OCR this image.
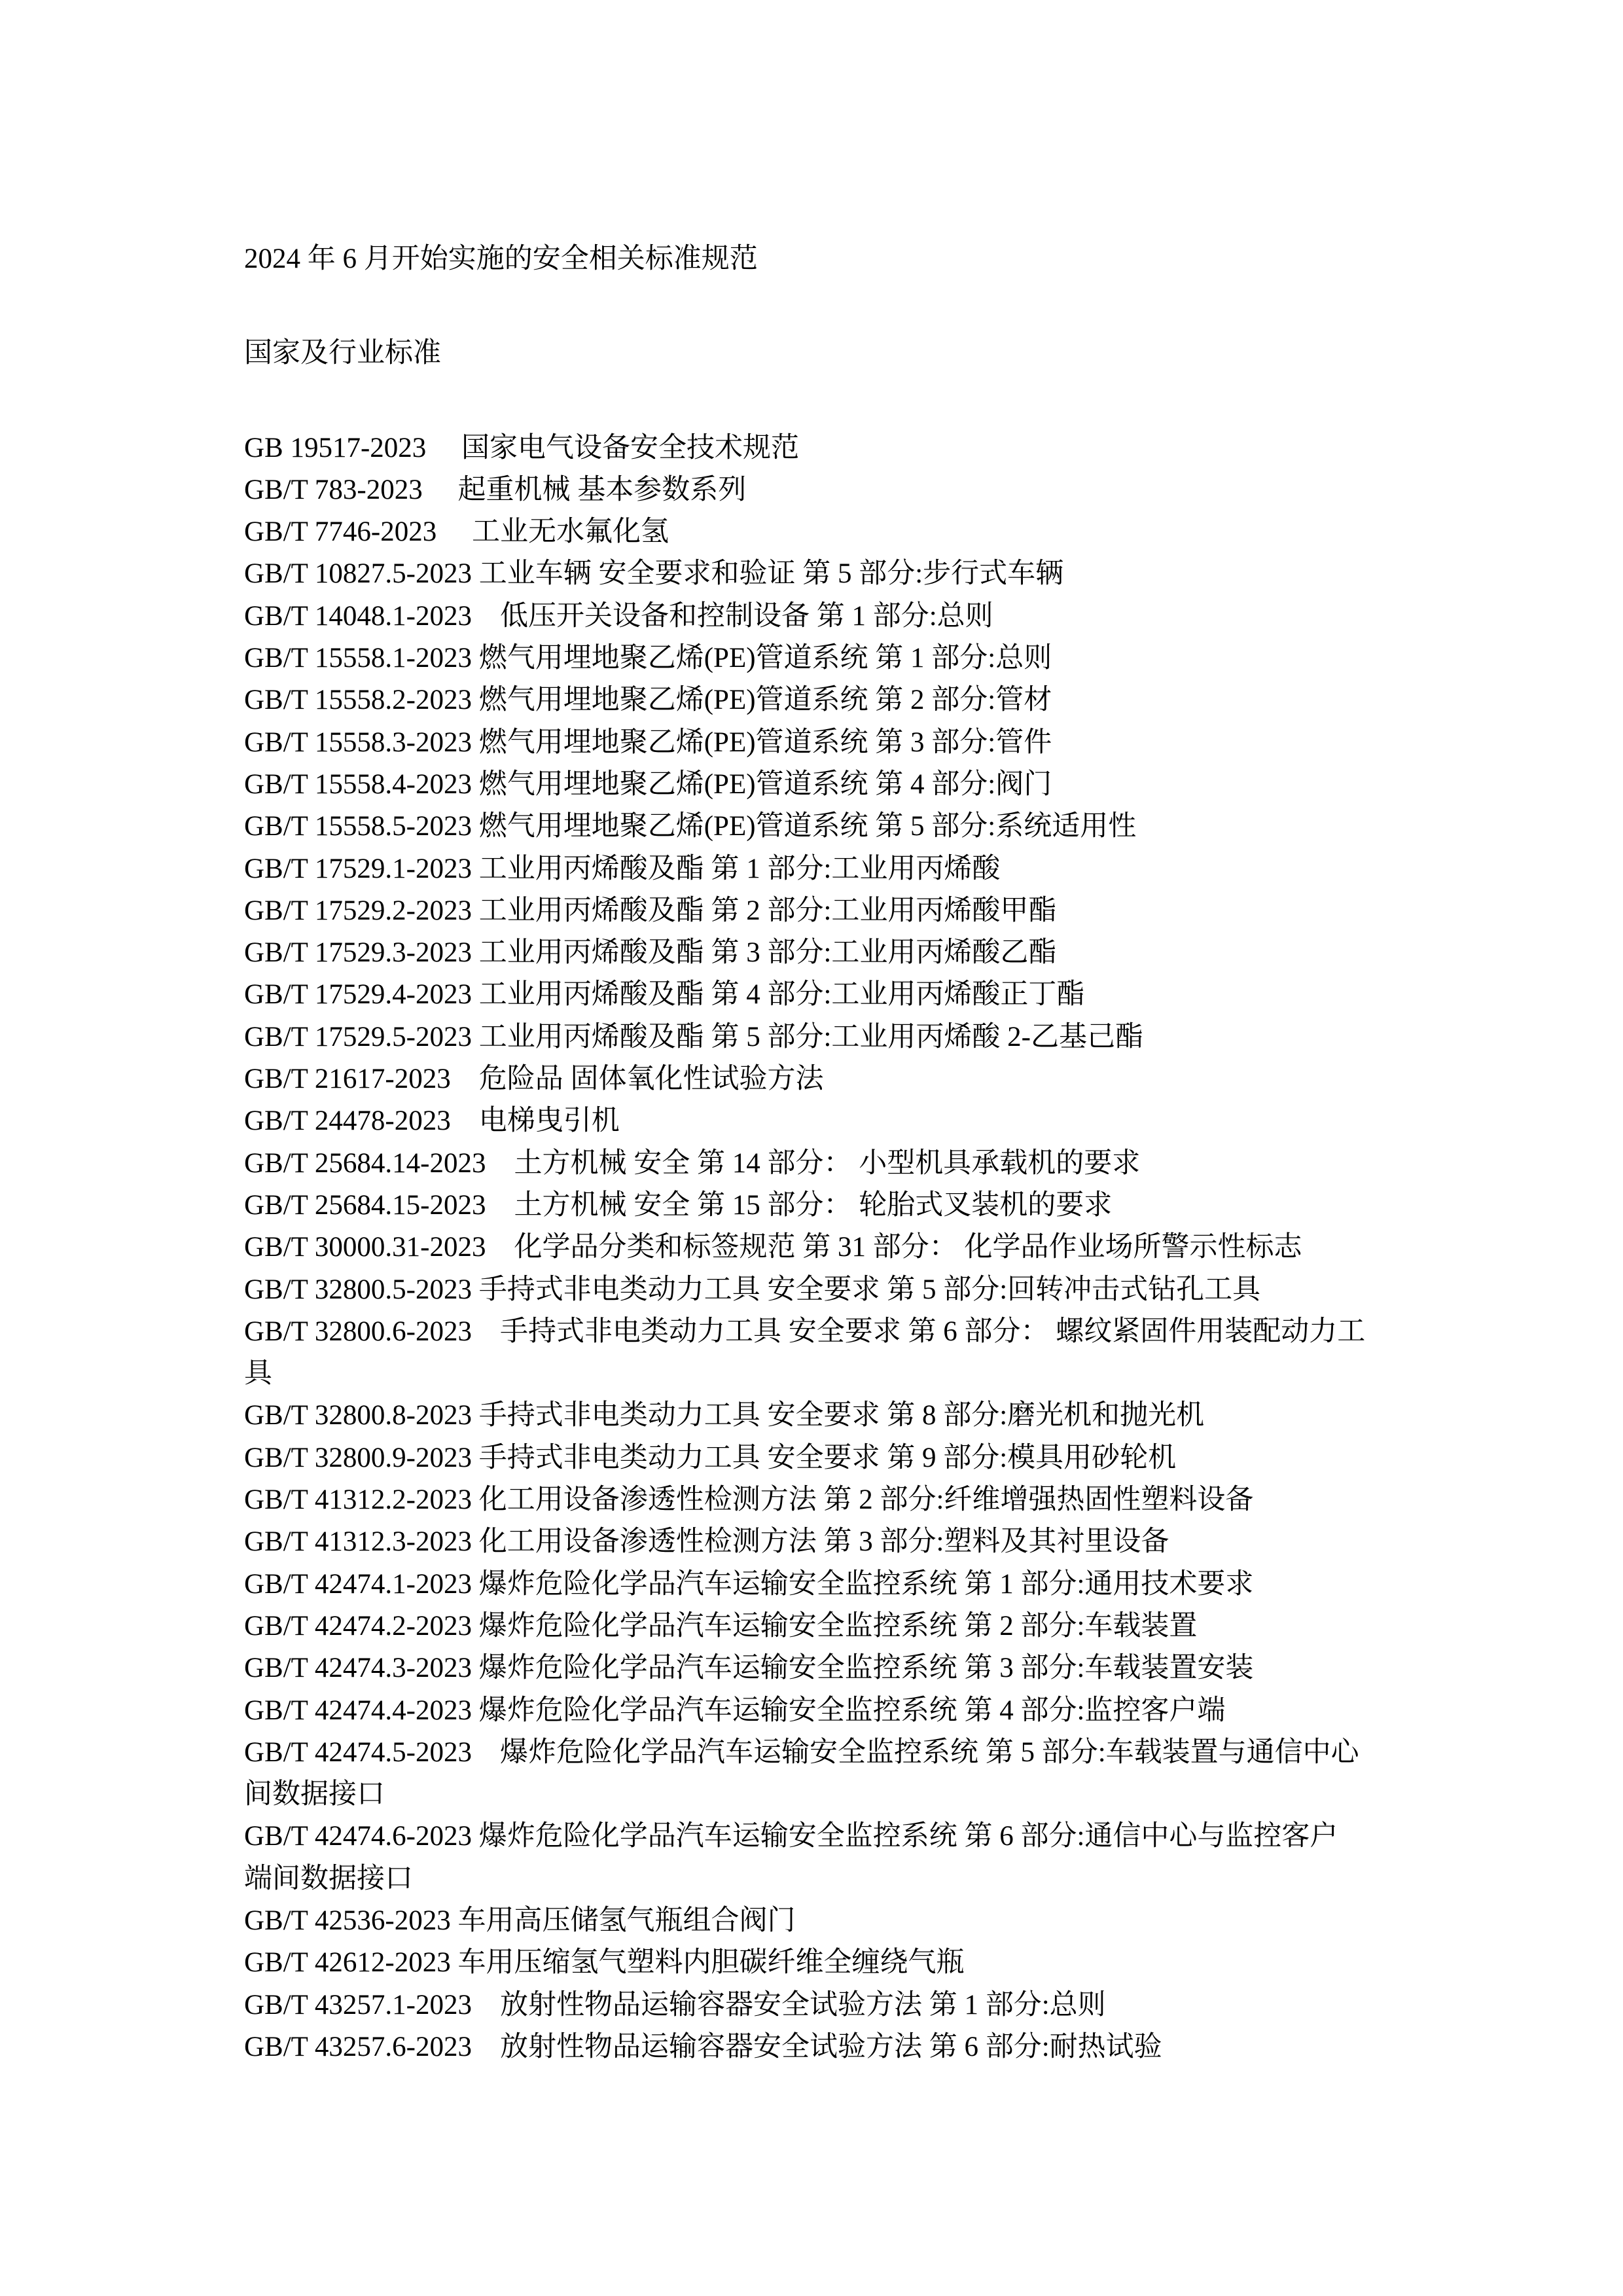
2024 年 6 月开始实施的安全相关标准规范
国家及行业标准
GB 19517-2023　 国家电气设备安全技术规范
GB/T 783-2023　 起重机械 基本参数系列
GB/T 7746-2023　 工业无水氟化氢
GB/T 10827.5-2023 工业车辆 安全要求和验证 第 5 部分:步行式车辆
GB/T 14048.1-2023　低压开关设备和控制设备 第 1 部分:总则
GB/T 15558.1-2023 燃气用埋地聚乙烯(PE)管道系统 第 1 部分:总则
GB/T 15558.2-2023 燃气用埋地聚乙烯(PE)管道系统 第 2 部分:管材
GB/T 15558.3-2023 燃气用埋地聚乙烯(PE)管道系统 第 3 部分:管件
GB/T 15558.4-2023 燃气用埋地聚乙烯(PE)管道系统 第 4 部分:阀门
GB/T 15558.5-2023 燃气用埋地聚乙烯(PE)管道系统 第 5 部分:系统适用性
GB/T 17529.1-2023 工业用丙烯酸及酯 第 1 部分:工业用丙烯酸
GB/T 17529.2-2023 工业用丙烯酸及酯 第 2 部分:工业用丙烯酸甲酯
GB/T 17529.3-2023 工业用丙烯酸及酯 第 3 部分:工业用丙烯酸乙酯
GB/T 17529.4-2023 工业用丙烯酸及酯 第 4 部分:工业用丙烯酸正丁酯
GB/T 17529.5-2023 工业用丙烯酸及酯 第 5 部分:工业用丙烯酸 2-乙基己酯
GB/T 21617-2023　危险品 固体氧化性试验方法
GB/T 24478-2023　电梯曳引机
GB/T 25684.14-2023　土方机械 安全 第 14 部分： 小型机具承载机的要求
GB/T 25684.15-2023　土方机械 安全 第 15 部分： 轮胎式叉装机的要求
GB/T 30000.31-2023　化学品分类和标签规范 第 31 部分： 化学品作业场所警示性标志
GB/T 32800.5-2023 手持式非电类动力工具 安全要求 第 5 部分:回转冲击式钻孔工具
GB/T 32800.6-2023　手持式非电类动力工具 安全要求 第 6 部分： 螺纹紧固件用装配动力工
具
GB/T 32800.8-2023 手持式非电类动力工具 安全要求 第 8 部分:磨光机和抛光机
GB/T 32800.9-2023 手持式非电类动力工具 安全要求 第 9 部分:模具用砂轮机
GB/T 41312.2-2023 化工用设备渗透性检测方法 第 2 部分:纤维增强热固性塑料设备
GB/T 41312.3-2023 化工用设备渗透性检测方法 第 3 部分:塑料及其衬里设备
GB/T 42474.1-2023 爆炸危险化学品汽车运输安全监控系统 第 1 部分:通用技术要求
GB/T 42474.2-2023 爆炸危险化学品汽车运输安全监控系统 第 2 部分:车载装置
GB/T 42474.3-2023 爆炸危险化学品汽车运输安全监控系统 第 3 部分:车载装置安装
GB/T 42474.4-2023 爆炸危险化学品汽车运输安全监控系统 第 4 部分:监控客户端
GB/T 42474.5-2023　爆炸危险化学品汽车运输安全监控系统 第 5 部分:车载装置与通信中心
间数据接口
GB/T 42474.6-2023 爆炸危险化学品汽车运输安全监控系统 第 6 部分:通信中心与监控客户
端间数据接口
GB/T 42536-2023 车用高压储氢气瓶组合阀门
GB/T 42612-2023 车用压缩氢气塑料内胆碳纤维全缠绕气瓶
GB/T 43257.1-2023　放射性物品运输容器安全试验方法 第 1 部分:总则
GB/T 43257.6-2023　放射性物品运输容器安全试验方法 第 6 部分:耐热试验
